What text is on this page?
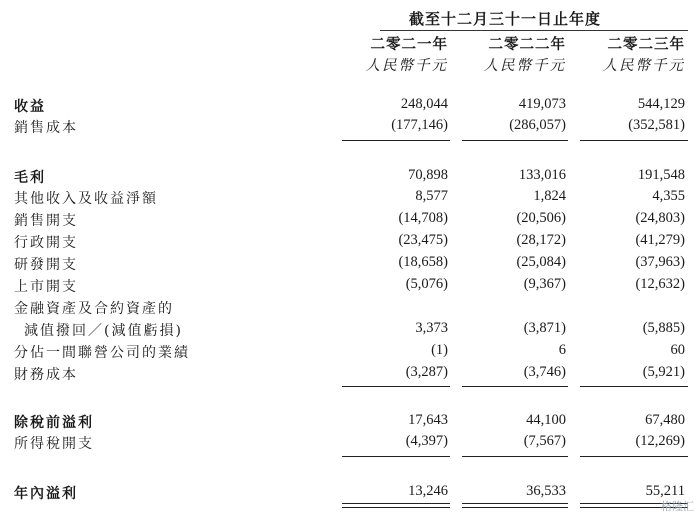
截至十二月三十一日止年度
二零二一年	二零二二年	二零二三年
人民幣千元	人民幣千元	人民幣千元
收益	248,044	419,073	544,129
銷售成本	(177,146)	(286,057)	(352,581)
毛利	70,898	133,016	191,548
其他收入及收益淨額	8,577	1,824	4,355
銷售開支	(14,708)	(20,506)	(24,803)
行政開支	(23,475)	(28,172)	(41,279)
研發開支	(18,658)	(25,084)	(37,963)
上市開支	(5,076)	(9,367)	(12,632)
金融資產及合約資產的
減值撥回／(減值虧損)	3,373	(3,871)	(5,885)
分佔一間聯營公司的業績	(1)	6	60
財務成本	(3,287)	(3,746)	(5,921)
除稅前溢利	17,643	44,100	67,480
所得稅開支	(4,397)	(7,567)	(12,269)
年內溢利	13,246	36,533	55,211
格隆汇
